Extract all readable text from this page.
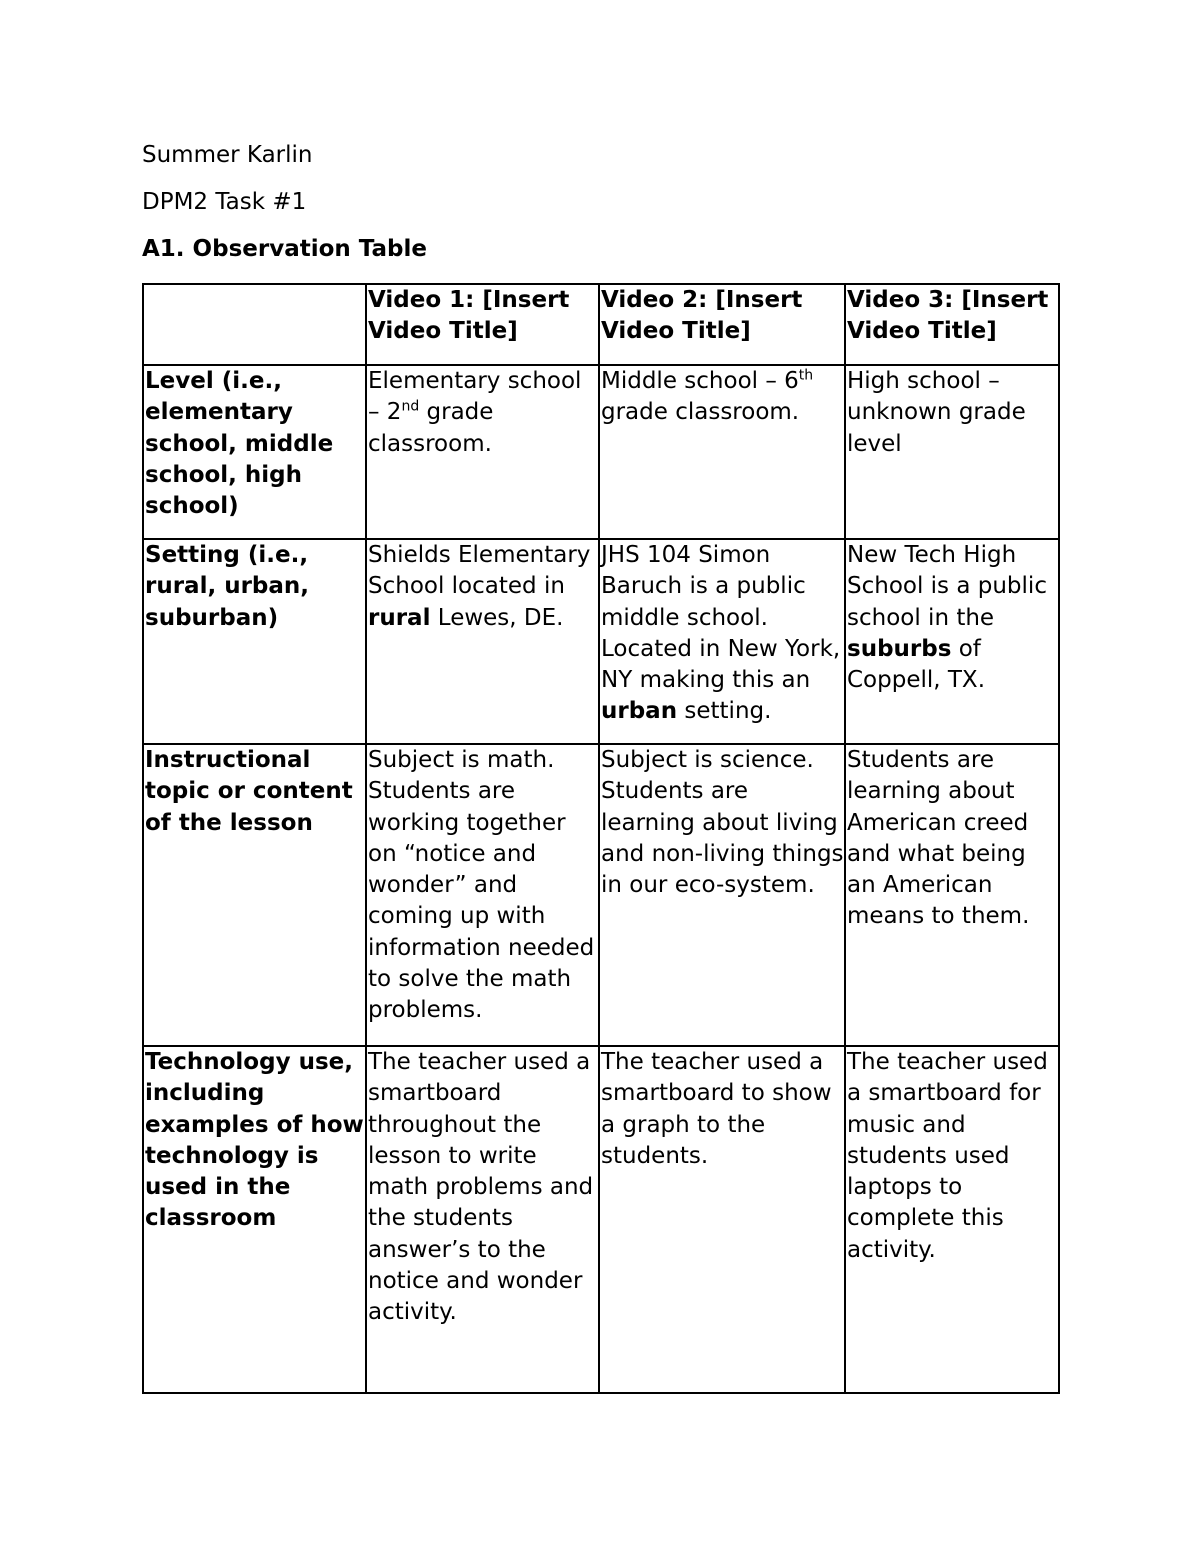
Summer Karlin
DPM2 Task #1
A1. Observation Table
	Video 1: [Insert Video Title]	Video 2: [Insert Video Title]	Video 3: [Insert Video Title]
Level (i.e., elementary school, middle school, high school)	Elementary school – 2nd grade classroom.	Middle school – 6th grade classroom.	High school – unknown grade level
Setting (i.e., rural, urban, suburban)	Shields Elementary School located in rural Lewes, DE.	JHS 104 Simon Baruch is a public middle school. Located in New York, NY making this an urban setting.	New Tech High School is a public school in the suburbs of Coppell, TX.
Instructional topic or content of the lesson	Subject is math. Students are working together on “notice and wonder” and coming up with information needed to solve the math problems.	Subject is science. Students are learning about living and non-living things in our eco-system.	Students are learning about American creed and what being an American means to them.
Technology use, including examples of how technology is used in the classroom	The teacher used a smartboard throughout the lesson to write math problems and the students answer’s to the notice and wonder activity.	The teacher used a smartboard to show a graph to the students.	The teacher used a smartboard for music and students used laptops to complete this activity.
